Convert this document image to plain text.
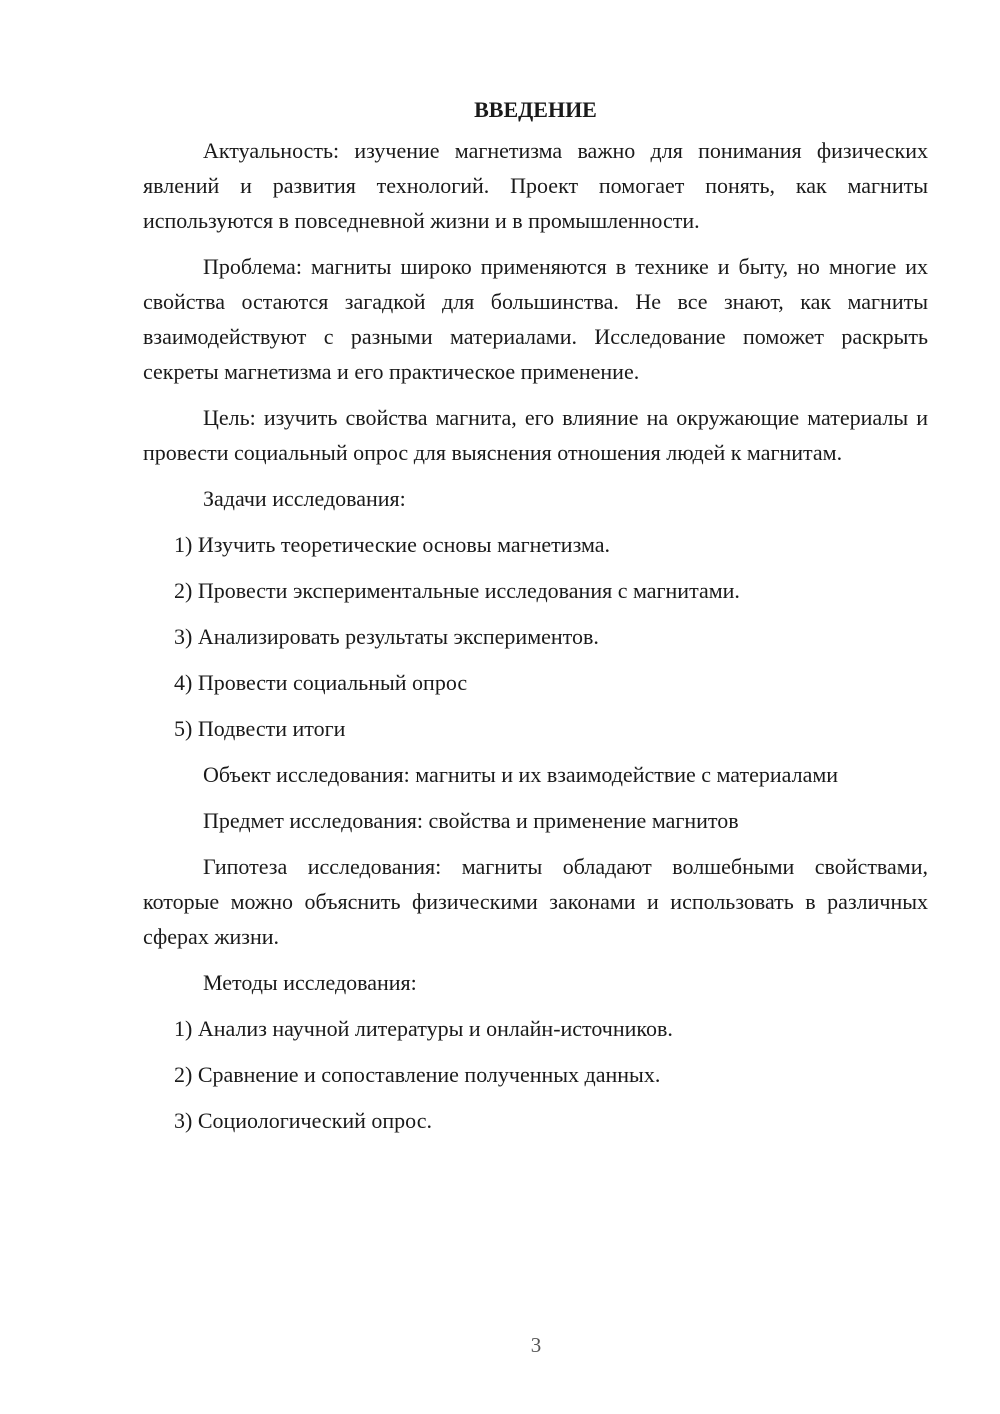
ВВЕДЕНИЕ

Актуальность: изучение магнетизма важно для понимания физических явлений и развития технологий. Проект помогает понять, как магниты используются в повседневной жизни и в промышленности.

Проблема: магниты широко применяются в технике и быту, но многие их свойства остаются загадкой для большинства. Не все знают, как магниты взаимодействуют с разными материалами. Исследование поможет раскрыть секреты магнетизма и его практическое применение.

Цель: изучить свойства магнита, его влияние на окружающие материалы и провести социальный опрос для выяснения отношения людей к магнитам.

Задачи исследования:
1) Изучить теоретические основы магнетизма.
2) Провести экспериментальные исследования с магнитами.
3) Анализировать результаты экспериментов.
4) Провести социальный опрос
5) Подвести итоги
Объект исследования: магниты и их взаимодействие с материалами
Предмет исследования: свойства и применение магнитов

Гипотеза исследования: магниты обладают волшебными свойствами, которые можно объяснить физическими законами и использовать в различных сферах жизни.

Методы исследования:
1) Анализ научной литературы и онлайн-источников.
2) Сравнение и сопоставление полученных данных.
3) Социологический опрос.
3
